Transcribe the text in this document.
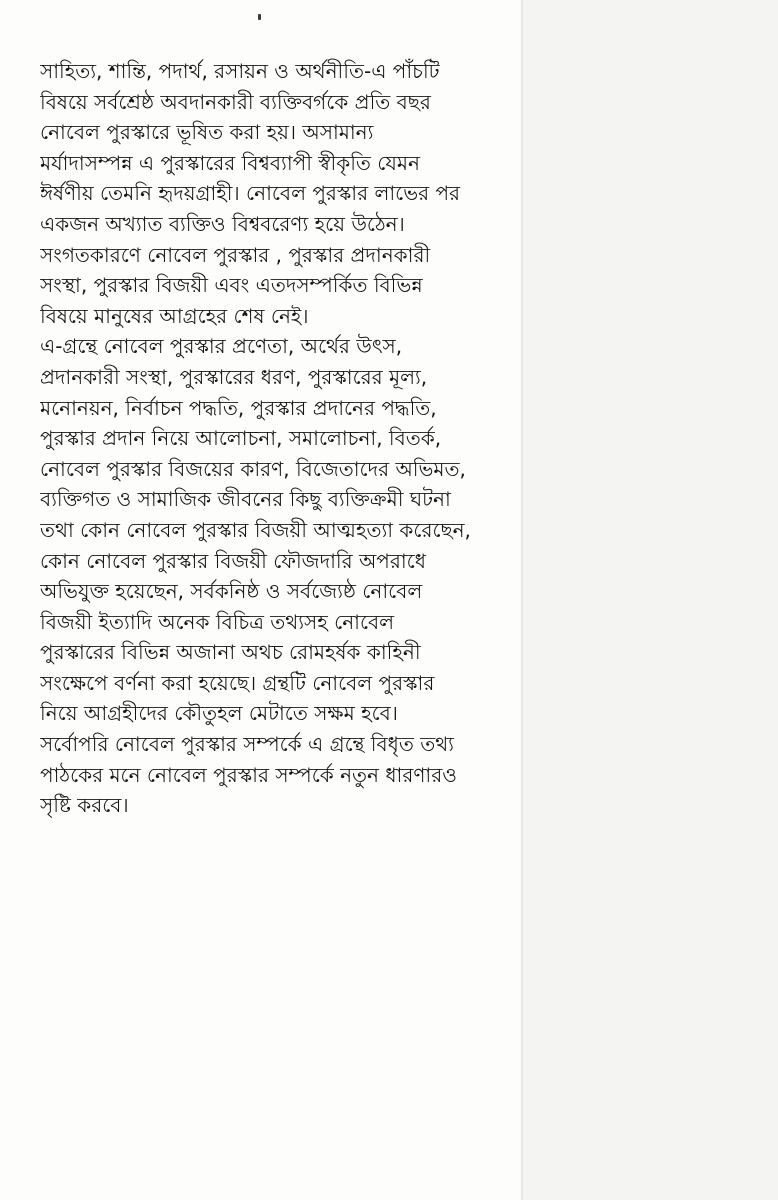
সাহিত্য, শান্তি, পদার্থ, রসায়ন ও অর্থনীতি-এ পাঁচটি
বিষয়ে সর্বশ্রেষ্ঠ অবদানকারী ব্যক্তিবর্গকে প্রতি বছর
নোবেল পুরস্কারে ভূষিত করা হয়। অসামান্য
মর্যাদাসম্পন্ন এ পুরস্কারের বিশ্বব্যাপী স্বীকৃতি যেমন
ঈর্ষণীয় তেমনি হৃদয়গ্রাহী। নোবেল পুরস্কার লাভের পর
একজন অখ্যাত ব্যক্তিও বিশ্ববরেণ্য হয়ে উঠেন।
সংগতকারণে নোবেল পুরস্কার , পুরস্কার প্রদানকারী
সংস্থা, পুরস্কার বিজয়ী এবং এতদসম্পর্কিত বিভিন্ন
বিষয়ে মানুষের আগ্রহের শেষ নেই।
এ-গ্রন্থে নোবেল পুরস্কার প্রণেতা, অর্থের উৎস,
প্রদানকারী সংস্থা, পুরস্কারের ধরণ, পুরস্কারের মূল্য,
মনোনয়ন, নির্বাচন পদ্ধতি, পুরস্কার প্রদানের পদ্ধতি,
পুরস্কার প্রদান নিয়ে আলোচনা, সমালোচনা, বিতর্ক,
নোবেল পুরস্কার বিজয়ের কারণ, বিজেতাদের অভিমত,
ব্যক্তিগত ও সামাজিক জীবনের কিছু ব্যক্তিক্রমী ঘটনা
তথা কোন নোবেল পুরস্কার বিজয়ী আত্মহত্যা করেছেন,
কোন নোবেল পুরস্কার বিজয়ী ফৌজদারি অপরাধে
অভিযুক্ত হয়েছেন, সর্বকনিষ্ঠ ও সর্বজ্যেষ্ঠ নোবেল
বিজয়ী ইত্যাদি অনেক বিচিত্র তথ্যসহ নোবেল
পুরস্কারের বিভিন্ন অজানা অথচ রোমহর্ষক কাহিনী
সংক্ষেপে বর্ণনা করা হয়েছে। গ্রন্থটি নোবেল পুরস্কার
নিয়ে আগ্রহীদের কৌতুহল মেটাতে সক্ষম হবে।
সর্বোপরি নোবেল পুরস্কার সম্পর্কে এ গ্রন্থে বিধৃত তথ্য
পাঠকের মনে নোবেল পুরস্কার সম্পর্কে নতুন ধারণারও
সৃষ্টি করবে।
